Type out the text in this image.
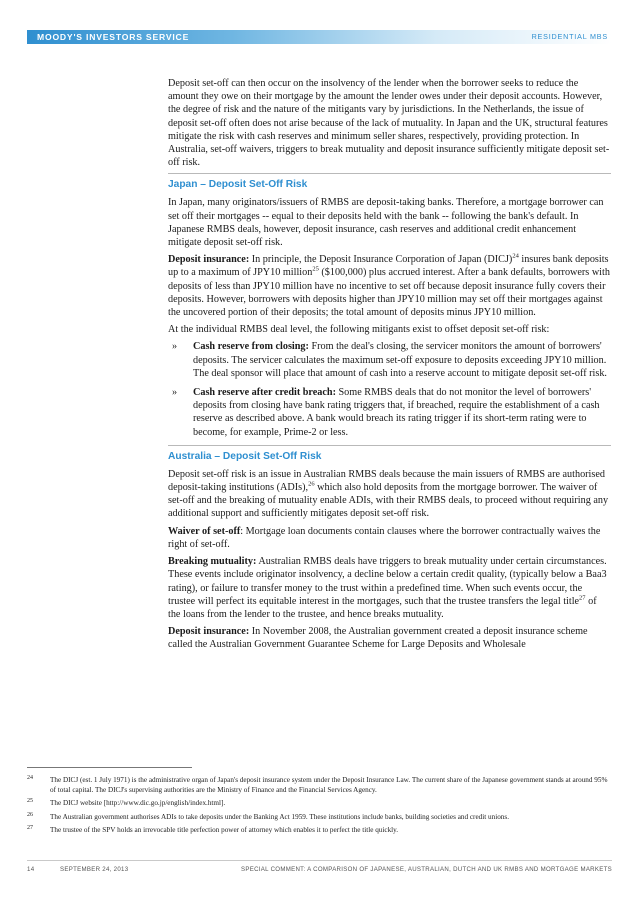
MOODY'S INVESTORS SERVICE	RESIDENTIAL MBS

Deposit set-off can then occur on the insolvency of the lender when the borrower seeks to reduce the amount they owe on their mortgage by the amount the lender owes under their deposit accounts. However, the degree of risk and the nature of the mitigants vary by jurisdictions. In the Netherlands, the issue of deposit set-off often does not arise because of the lack of mutuality. In Japan and the UK, structural features mitigate the risk with cash reserves and minimum seller shares, respectively, providing protection. In Australia, set-off waivers, triggers to break mutuality and deposit insurance sufficiently mitigate deposit set-off risk.

Japan – Deposit Set-Off Risk

In Japan, many originators/issuers of RMBS are deposit-taking banks. Therefore, a mortgage borrower can set off their mortgages -- equal to their deposits held with the bank -- following the bank's default. In Japanese RMBS deals, however, deposit insurance, cash reserves and additional credit enhancement mitigate deposit set-off risk.

Deposit insurance: In principle, the Deposit Insurance Corporation of Japan (DICJ)$^{24}$ insures bank deposits up to a maximum of JPY10 million$^{25}$ ($100,000) plus accrued interest. After a bank defaults, borrowers with deposits of less than JPY10 million have no incentive to set off because deposit insurance fully covers their deposits. However, borrowers with deposits higher than JPY10 million may set off their mortgages against the uncovered portion of their deposits; the total amount of deposits minus JPY10 million.

At the individual RMBS deal level, the following mitigants exist to offset deposit set-off risk:

» Cash reserve from closing: From the deal's closing, the servicer monitors the amount of borrowers' deposits. The servicer calculates the maximum set-off exposure to deposits exceeding JPY10 million. The deal sponsor will place that amount of cash into a reserve account to mitigate deposit set-off risk.
» Cash reserve after credit breach: Some RMBS deals that do not monitor the level of borrowers' deposits from closing have bank rating triggers that, if breached, require the establishment of a cash reserve as described above. A bank would breach its rating trigger if its short-term rating were to become, for example, Prime-2 or less.
Australia – Deposit Set-Off Risk

Deposit set-off risk is an issue in Australian RMBS deals because the main issuers of RMBS are authorised deposit-taking institutions (ADIs),$^{26}$ which also hold deposits from the mortgage borrower. The waiver of set-off and the breaking of mutuality enable ADIs, with their RMBS deals, to proceed without requiring any additional support and sufficiently mitigates deposit set-off risk.

Waiver of set-off: Mortgage loan documents contain clauses where the borrower contractually waives the right of set-off.

Breaking mutuality: Australian RMBS deals have triggers to break mutuality under certain circumstances. These events include originator insolvency, a decline below a certain credit quality, (typically below a Baa3 rating), or failure to transfer money to the trust within a predefined time. When such events occur, the trustee will perfect its equitable interest in the mortgages, such that the trustee transfers the legal title$^{27}$ of the loans from the lender to the trustee, and hence breaks mutuality.

Deposit insurance: In November 2008, the Australian government created a deposit insurance scheme called the Australian Government Guarantee Scheme for Large Deposits and Wholesale

24 The DICJ (est. 1 July 1971) is the administrative organ of Japan's deposit insurance system under the Deposit Insurance Law. The current share of the Japanese government stands at around 95% of total capital. The DICJ's supervising authorities are the Ministry of Finance and the Financial Services Agency.
25 The DICJ website [http://www.dic.go.jp/english/index.html].
26 The Australian government authorises ADIs to take deposits under the Banking Act 1959. These institutions include banks, building societies and credit unions.
27 The trustee of the SPV holds an irrevocable title perfection power of attorney which enables it to perfect the title quickly.
14	SEPTEMBER 24, 2013	SPECIAL COMMENT: A COMPARISON OF JAPANESE, AUSTRALIAN, DUTCH AND UK RMBS AND MORTGAGE MARKETS
